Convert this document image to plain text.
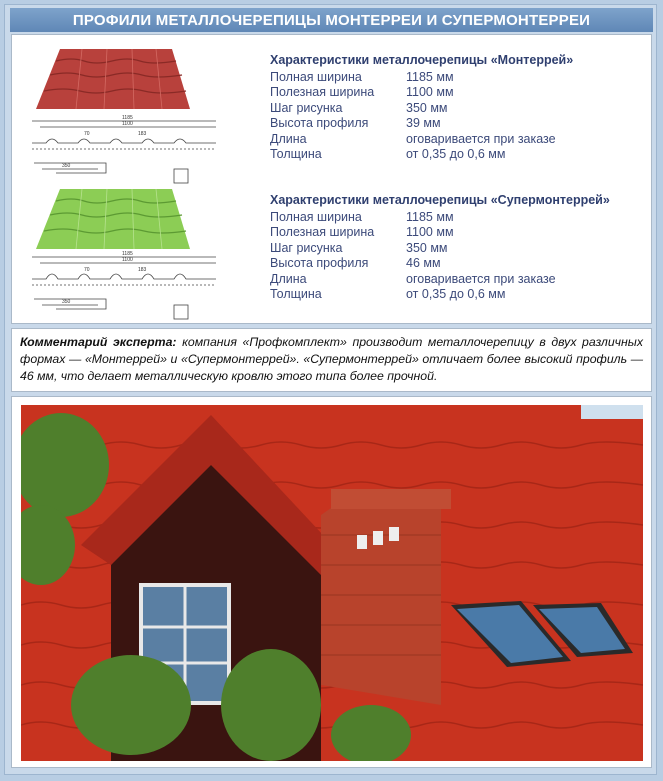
ПРОФИЛИ МЕТАЛЛОЧЕРЕПИЦЫ МОНТЕРРЕИ И СУПЕРМОНТЕРРЕИ
1185
1100
183
70
350
Характеристики металлочерепицы «Монтеррей»
Полная ширина	1185 мм
Полезная ширина	1100 мм
Шаг рисунка	350 мм
Высота профиля	39 мм
Длина	оговаривается при заказе
Толщина	от 0,35 до 0,6 мм
1185
1100
183
70
350
Характеристики металлочерепицы «Супермонтеррей»
Полная ширина	1185 мм
Полезная ширина	1100 мм
Шаг рисунка	350 мм
Высота профиля	46 мм
Длина	оговаривается при заказе
Толщина	от 0,35 до 0,6 мм
Комментарий эксперта: компания «Профкомплект» производит металлочерепицу в двух различных формах — «Монтеррей» и «Супермонтеррей». «Супермонтеррей» отличает более высокий профиль — 46 мм, что делает металлическую кровлю этого типа более прочной.
